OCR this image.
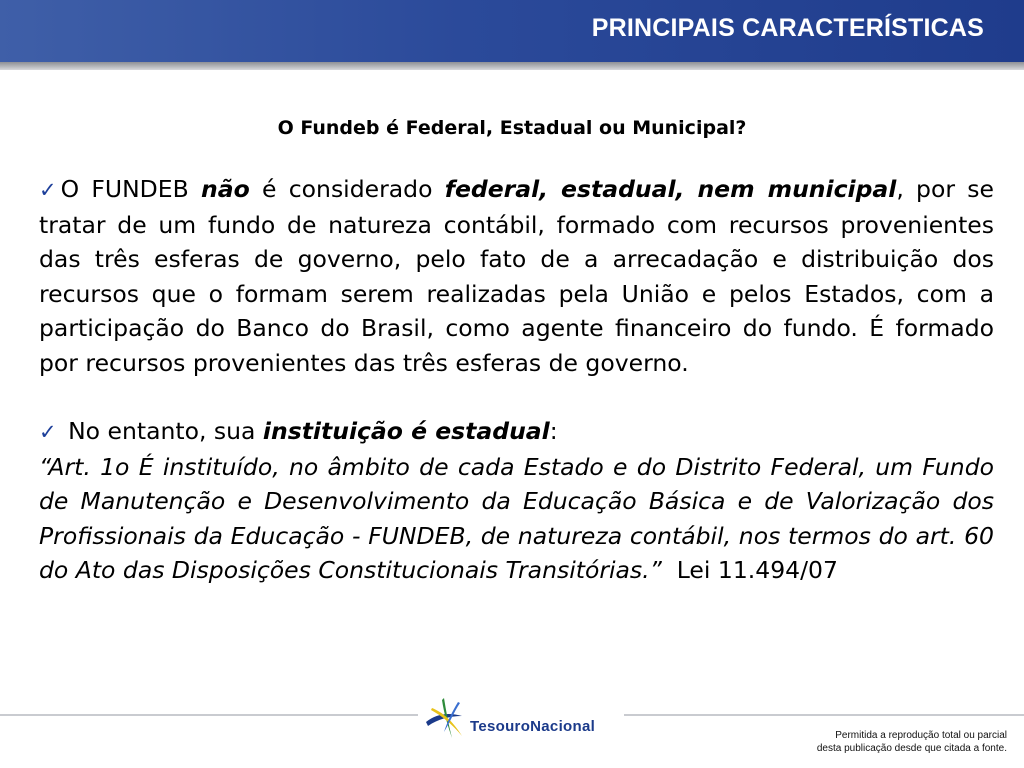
PRINCIPAIS CARACTERÍSTICAS
O Fundeb é Federal, Estadual ou Municipal?

✓ O FUNDEB não é considerado federal, estadual, nem municipal, por se tratar de um fundo de natureza contábil, formado com recursos provenientes das três esferas de governo, pelo fato de a arrecadação e distribuição dos recursos que o formam serem realizadas pela União e pelos Estados, com a participação do Banco do Brasil, como agente financeiro do fundo. É formado por recursos provenientes das três esferas de governo.

✓ No entanto, sua instituição é estadual:
“Art. 1o É instituído, no âmbito de cada Estado e do Distrito Federal, um Fundo de Manutenção e Desenvolvimento da Educação Básica e de Valorização dos Profissionais da Educação - FUNDEB, de natureza contábil, nos termos do art. 60 do Ato das Disposições Constitucionais Transitórias.”  Lei 11.494/07

TesouroNacional
Permitida a reprodução total ou parcial
desta publicação desde que citada a fonte.
